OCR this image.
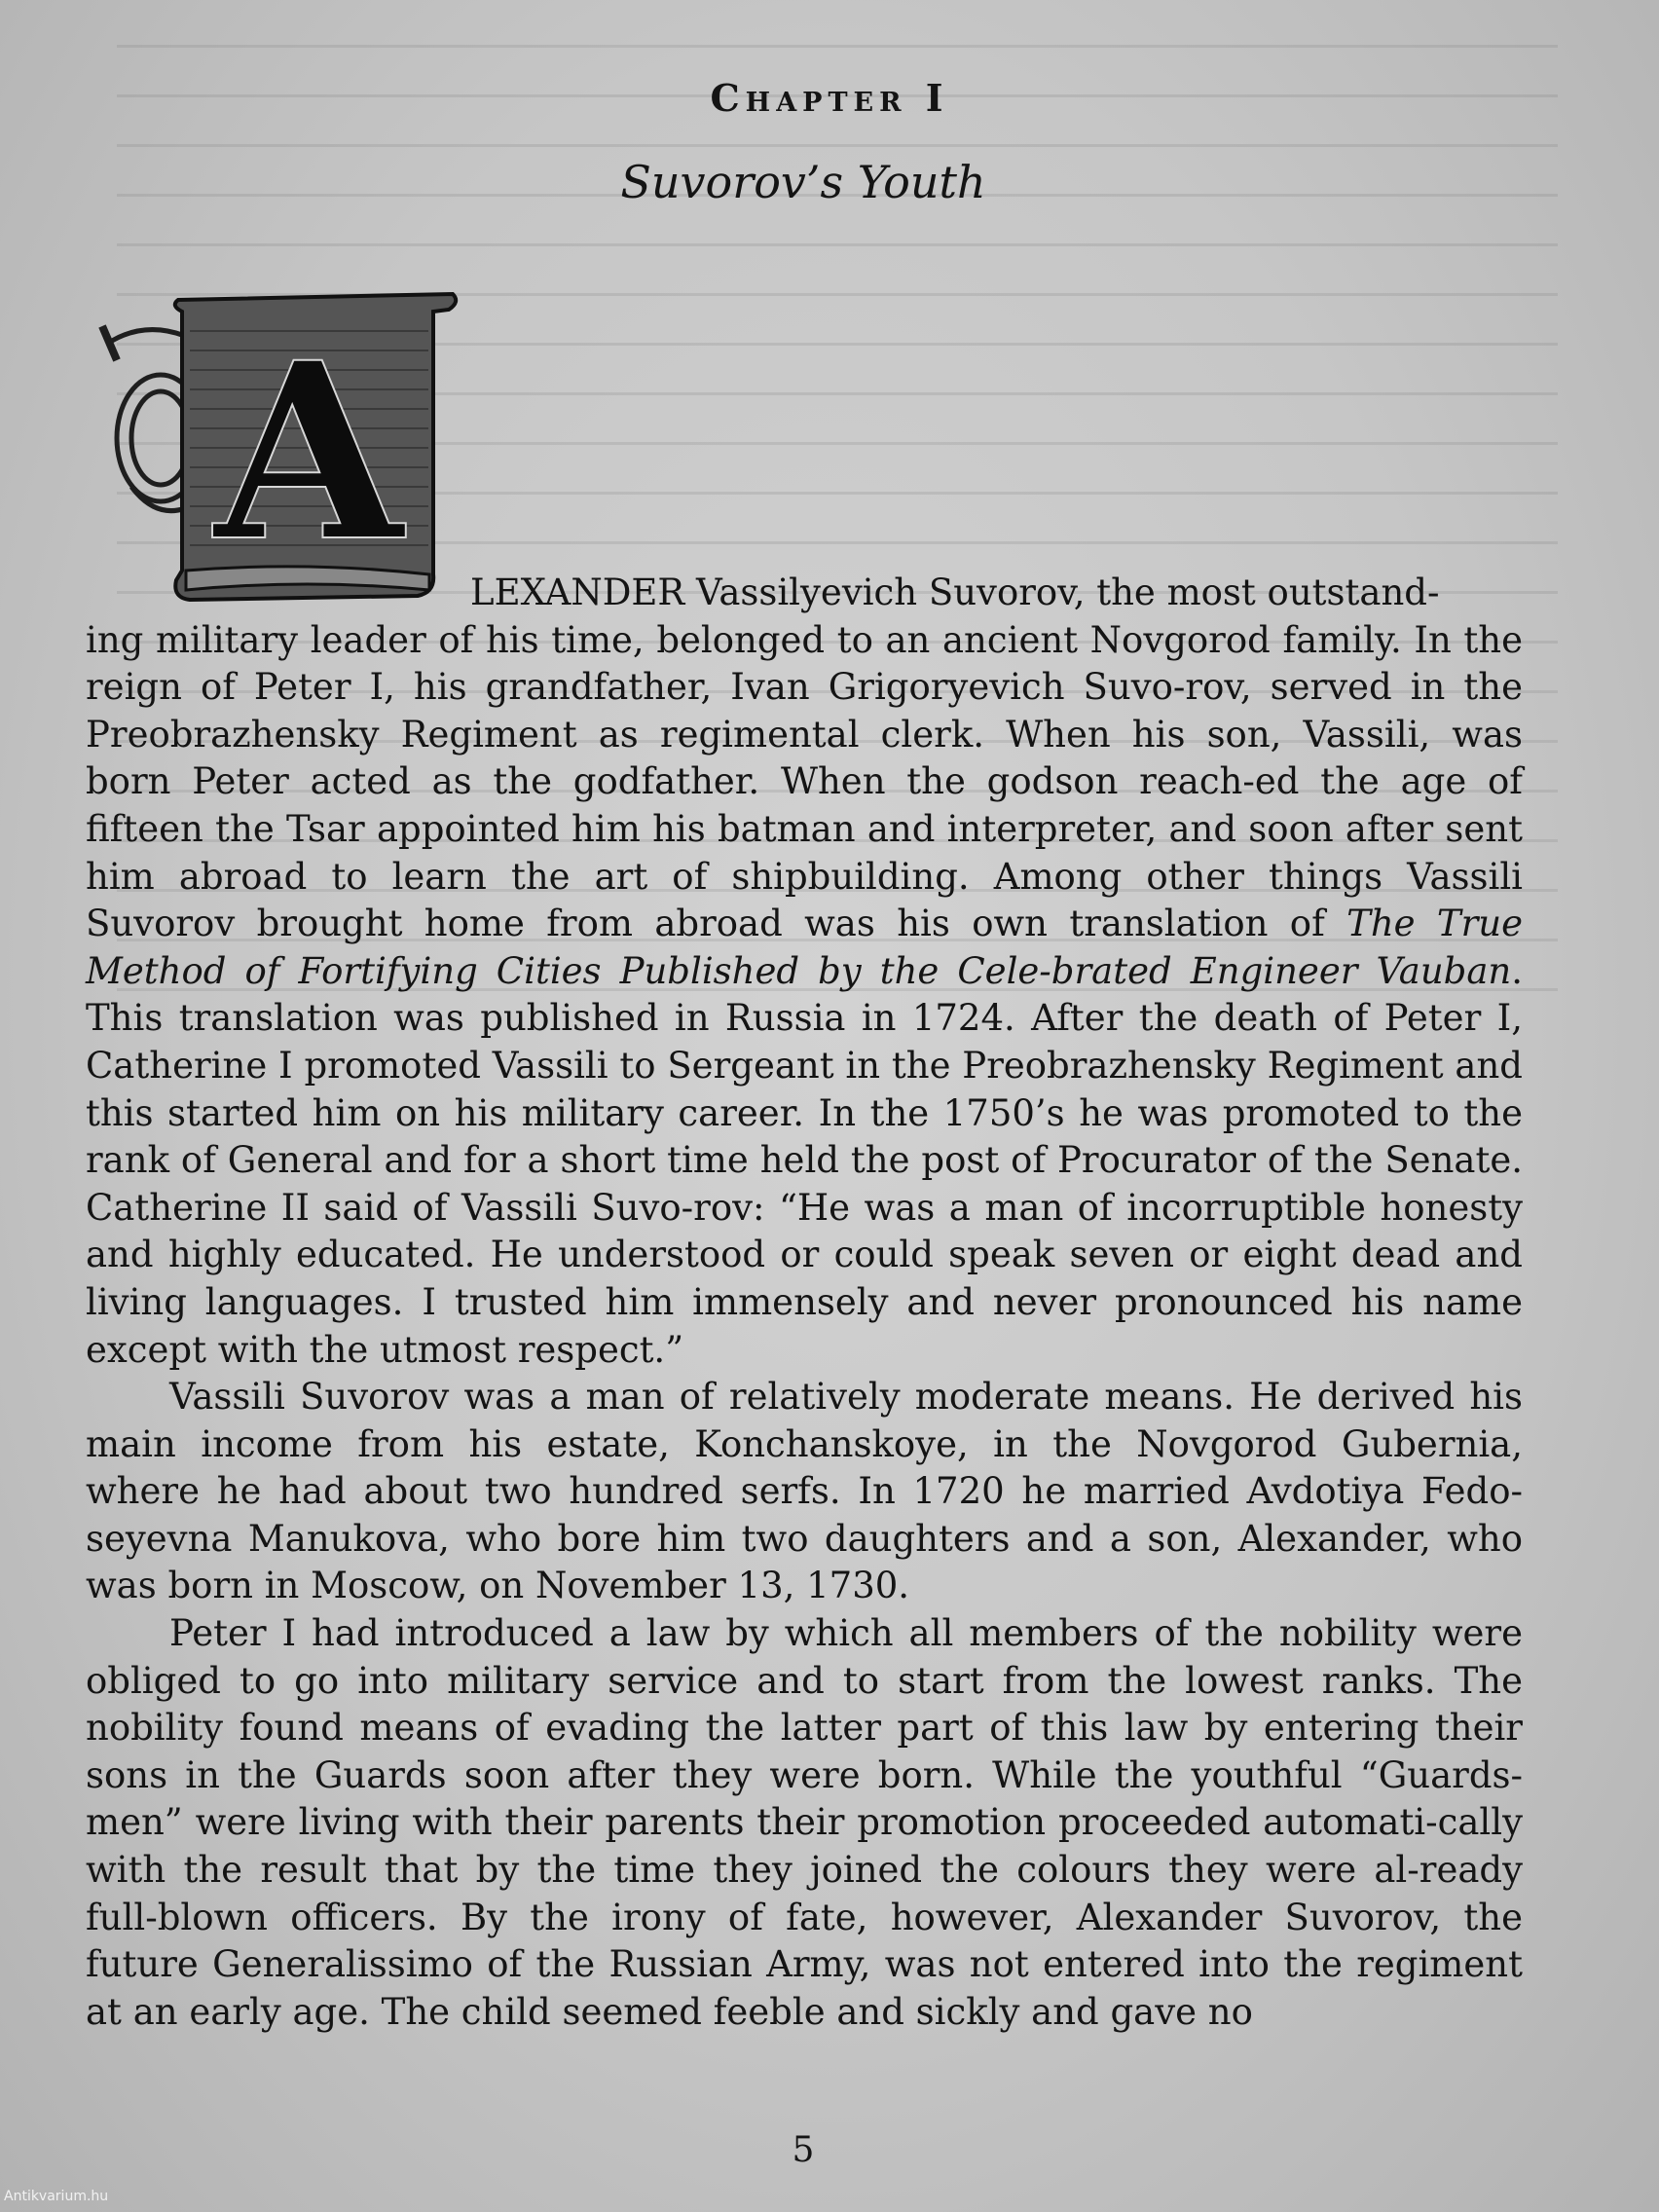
Chapter I
Suvorov’s Youth
A	LEXANDER Vassilyevich Suvorov, the most outstand-
ing military leader of his time, belonged to an ancient Novgorod family. In the reign of Peter I, his grandfather, Ivan Grigoryevich Suvo-rov, served in the Preobrazhensky Regiment as regimental clerk. When his son, Vassili, was born Peter acted as the godfather. When the godson reach-ed the age of fifteen the Tsar appointed him his batman and interpreter, and soon after sent him abroad to learn the art of shipbuilding. Among other things Vassili Suvorov brought home from abroad was his own translation of The True Method of Fortifying Cities Published by the Cele-brated Engineer Vauban. This translation was published in Russia in 1724. After the death of Peter I, Catherine I promoted Vassili to Sergeant in the Preobrazhensky Regiment and this started him on his military career. In the 1750’s he was promoted to the rank of General and for a short time held the post of Procurator of the Senate. Catherine II said of Vassili Suvo-rov: “He was a man of incorruptible honesty and highly educated. He understood or could speak seven or eight dead and living languages. I trusted him immensely and never pronounced his name except with the utmost respect.”

Vassili Suvorov was a man of relatively moderate means. He derived his main income from his estate, Konchanskoye, in the Novgorod Gubernia, where he had about two hundred serfs. In 1720 he married Avdotiya Fedo-seyevna Manukova, who bore him two daughters and a son, Alexander, who was born in Moscow, on November 13, 1730.

Peter I had introduced a law by which all members of the nobility were obliged to go into military service and to start from the lowest ranks. The nobility found means of evading the latter part of this law by entering their sons in the Guards soon after they were born. While the youthful “Guards-men” were living with their parents their promotion proceeded automati-cally with the result that by the time they joined the colours they were al-ready full-blown officers. By the irony of fate, however, Alexander Suvorov, the future Generalissimo of the Russian Army, was not entered into the regiment at an early age. The child seemed feeble and sickly and gave no

5
Antikvarium.hu
